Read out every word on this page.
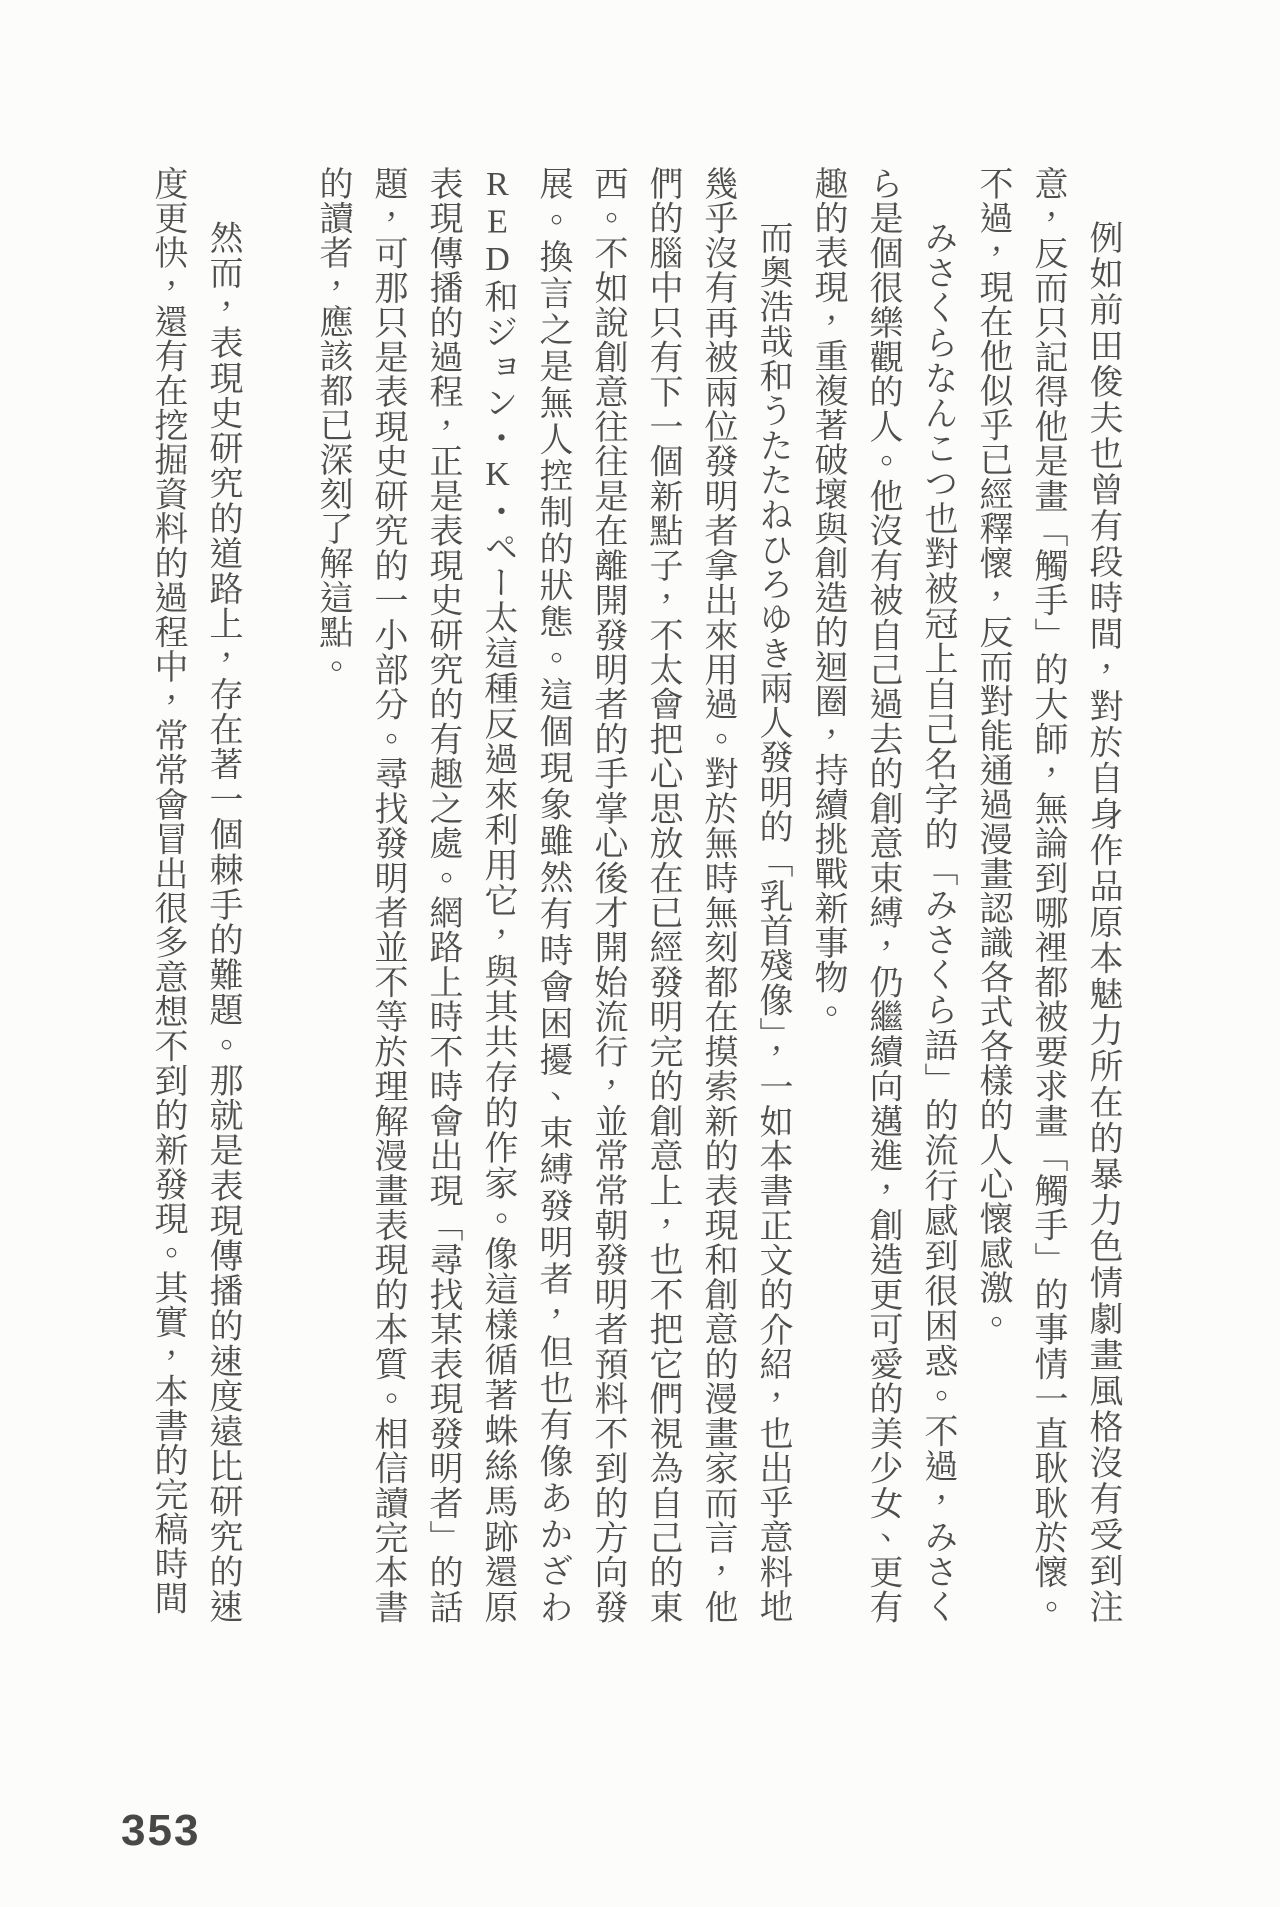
例如前田俊夫也曾有段時間，對於自身作品原本魅力所在的暴力色情劇畫風格沒有受到注意，反而只記得他是畫「觸手」的大師，無論到哪裡都被要求畫「觸手」的事情一直耿耿於懷。不過，現在他似乎已經釋懷，反而對能通過漫畫認識各式各樣的人心懷感激。

みさくらなんこつ也對被冠上自己名字的「みさくら語」的流行感到很困惑。不過，みさくら是個很樂觀的人。他沒有被自己過去的創意束縛，仍繼續向邁進，創造更可愛的美少女、更有趣的表現，重複著破壞與創造的迴圈，持續挑戰新事物。

而奧浩哉和うたたねひろゆき兩人發明的「乳首殘像」，一如本書正文的介紹，也出乎意料地幾乎沒有再被兩位發明者拿出來用過。對於無時無刻都在摸索新的表現和創意的漫畫家而言，他們的腦中只有下一個新點子，不太會把心思放在已經發明完的創意上，也不把它們視為自己的東西。不如說創意往往是在離開發明者的手掌心後才開始流行，並常常朝發明者預料不到的方向發展。換言之是無人控制的狀態。這個現象雖然有時會困擾、束縛發明者，但也有像あかざわRED和ジョン・K・ペー太這種反過來利用它，與其共存的作家。像這樣循著蛛絲馬跡還原表現傳播的過程，正是表現史研究的有趣之處。網路上時不時會出現「尋找某表現發明者」的話題，可那只是表現史研究的一小部分。尋找發明者並不等於理解漫畫表現的本質。相信讀完本書的讀者，應該都已深刻了解這點。

然而，表現史研究的道路上，存在著一個棘手的難題。那就是表現傳播的速度遠比研究的速度更快，還有在挖掘資料的過程中，常常會冒出很多意想不到的新發現。其實，本書的完稿時間

353
